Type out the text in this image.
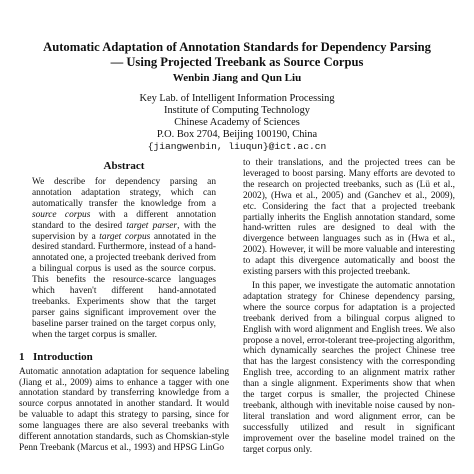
Automatic Adaptation of Annotation Standards for Dependency Parsing
— Using Projected Treebank as Source Corpus
Wenbin Jiang and Qun Liu
Key Lab. of Intelligent Information Processing
Institute of Computing Technology
Chinese Academy of Sciences
P.O. Box 2704, Beijing 100190, China
{jiangwenbin, liuqun}@ict.ac.cn
Abstract

We describe for dependency parsing an annotation adaptation strategy, which can automatically transfer the knowledge from a source corpus with a different annotation standard to the desired target parser, with the supervision by a target corpus annotated in the desired standard. Furthermore, instead of a hand-annotated one, a projected treebank derived from a bilingual corpus is used as the source corpus. This benefits the resource-scarce languages which haven't different hand-annotated treebanks. Experiments show that the target parser gains significant improvement over the baseline parser trained on the target corpus only, when the target corpus is smaller.

1 Introduction

Automatic annotation adaptation for sequence labeling (Jiang et al., 2009) aims to enhance a tagger with one annotation standard by transferring knowledge from a source corpus annotated in another standard. It would be valuable to adapt this strategy to parsing, since for some languages there are also several treebanks with different annotation standards, such as Chomskian-style Penn Treebank (Marcus et al., 1993) and HPSG LinGo

to their translations, and the projected trees can be leveraged to boost parsing. Many efforts are devoted to the research on projected treebanks, such as (Lü et al., 2002), (Hwa et al., 2005) and (Ganchev et al., 2009), etc. Considering the fact that a projected treebank partially inherits the English annotation standard, some hand-written rules are designed to deal with the divergence between languages such as in (Hwa et al., 2002). However, it will be more valuable and interesting to adapt this divergence automatically and boost the existing parsers with this projected treebank.

In this paper, we investigate the automatic annotation adaptation strategy for Chinese dependency parsing, where the source corpus for adaptation is a projected treebank derived from a bilingual corpus aligned to English with word alignment and English trees. We also propose a novel, error-tolerant tree-projecting algorithm, which dynamically searches the project Chinese tree that has the largest consistency with the corresponding English tree, according to an alignment matrix rather than a single alignment. Experiments show that when the target corpus is smaller, the projected Chinese treebank, although with inevitable noise caused by non-literal translation and word alignment error, can be successfully utilized and result in significant improvement over the baseline model trained on the target corpus only.
